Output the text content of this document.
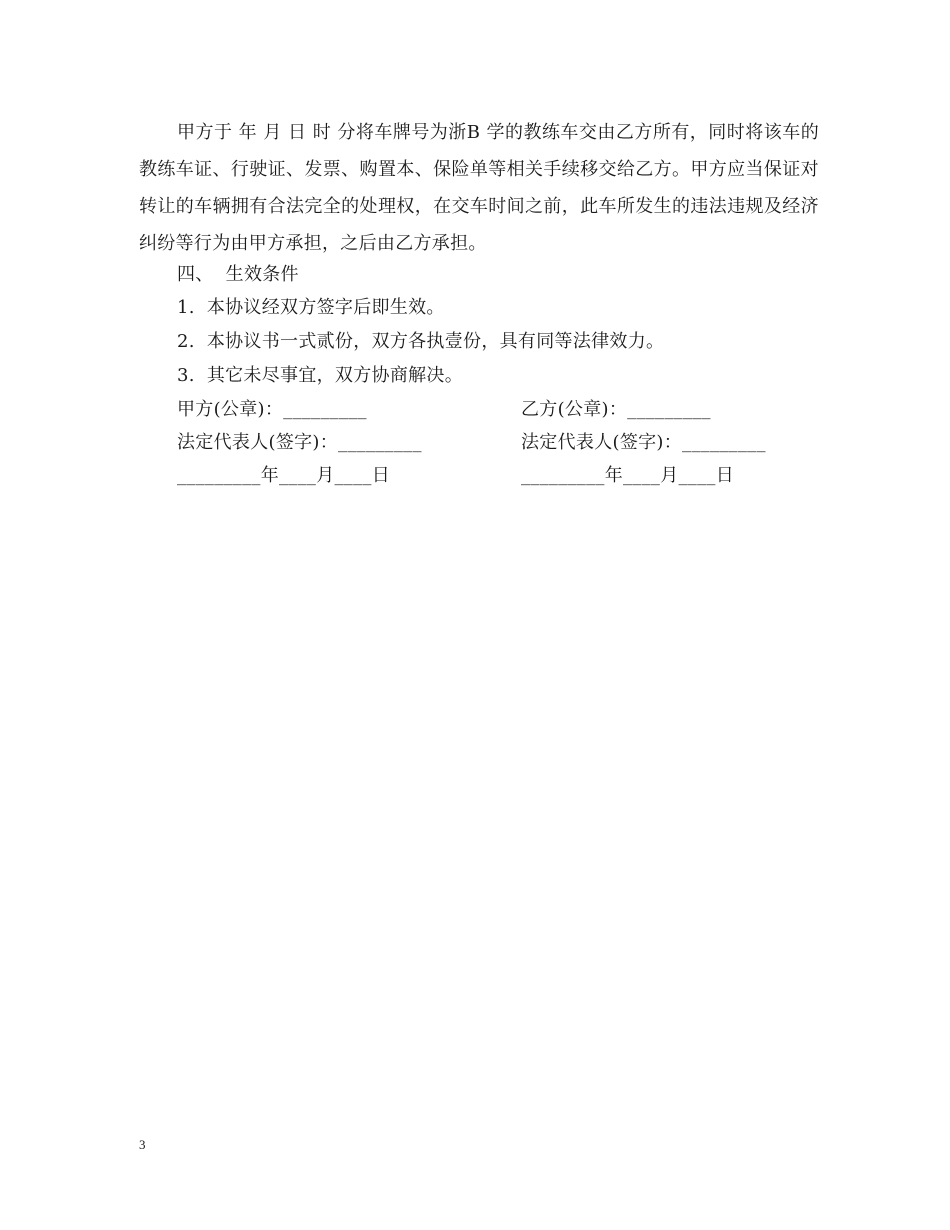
甲方于 年 月 日 时 分将车牌号为浙B 学的教练车交由乙方所有，同时将该车的教练车证、行驶证、发票、购置本、保险单等相关手续移交给乙方。甲方应当保证对转让的车辆拥有合法完全的处理权，在交车时间之前，此车所发生的违法违规及经济纠纷等行为由甲方承担，之后由乙方承担。

四、  生效条件
1.  本协议经双方签字后即生效。
2.  本协议书一式贰份，双方各执壹份，具有同等法律效力。
3.  其它未尽事宜，双方协商解决。
甲方(公章)：_________	乙方(公章)：_________
法定代表人(签字)：_________	法定代表人(签字)：_________
_________年____月____日	_________年____月____日
3
